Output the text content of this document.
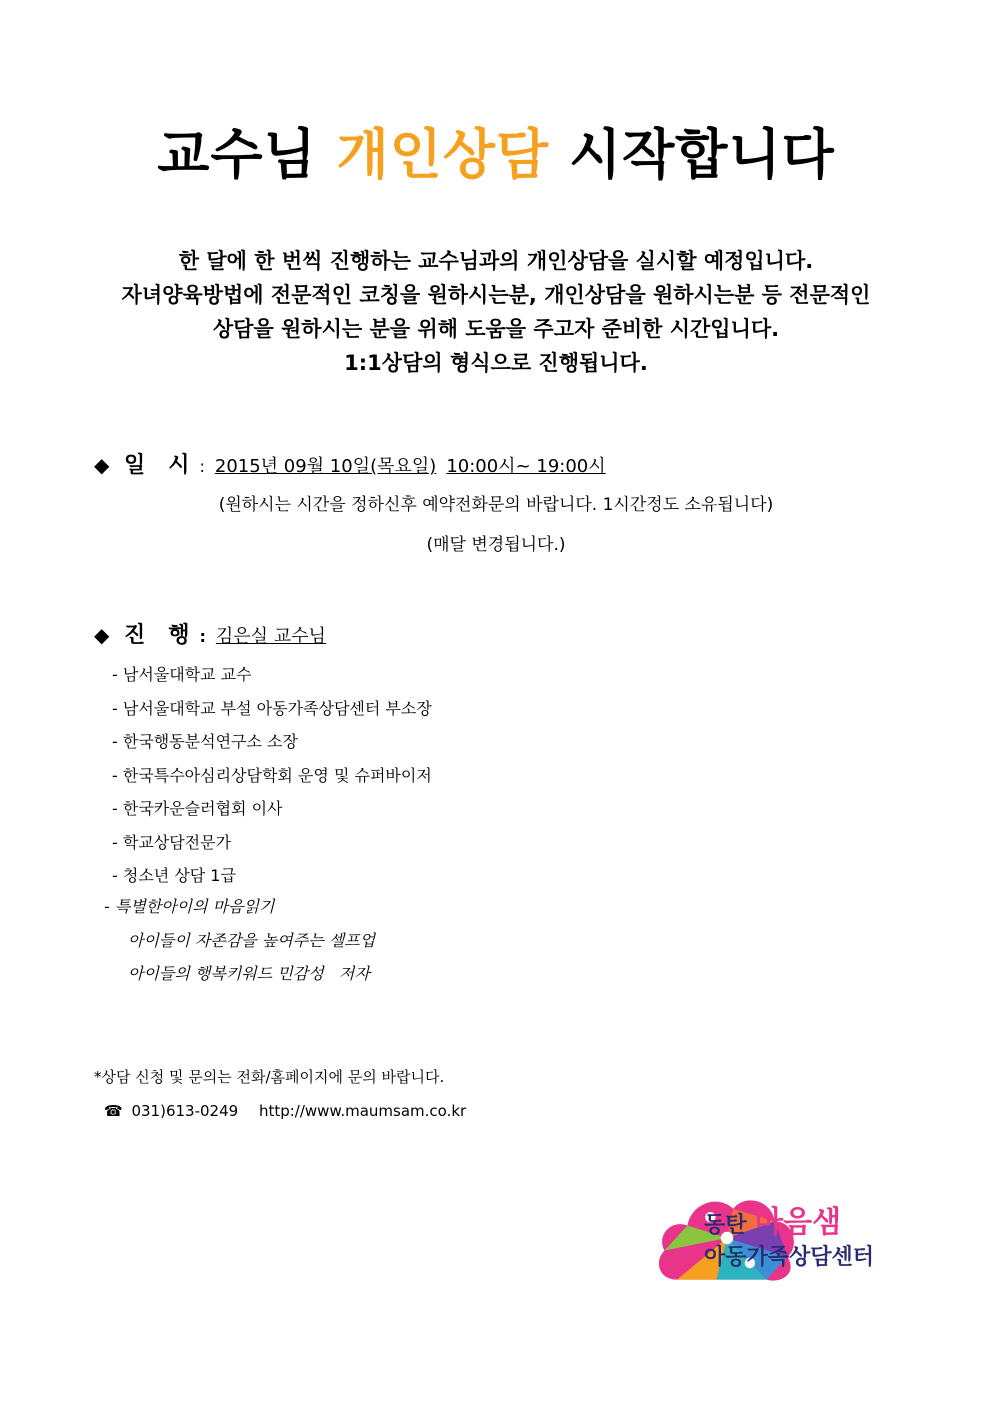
교수님 개인상담 시작합니다
한 달에 한 번씩 진행하는 교수님과의 개인상담을 실시할 예정입니다.
자녀양육방법에 전문적인 코칭을 원하시는분, 개인상담을 원하시는분 등 전문적인
상담을 원하시는 분을 위해 도움을 주고자 준비한 시간입니다.
1:1상담의 형식으로 진행됩니다.
◆ 일   시 : 2015년 09월 10일(목요일) 10:00시~ 19:00시
(원하시는 시간을 정하신후 예약전화문의 바랍니다. 1시간정도 소유됩니다)
(매달 변경됩니다.)
◆ 진   행 : 김은실 교수님
- 남서울대학교 교수
- 남서울대학교 부설 아동가족상담센터 부소장
- 한국행동분석연구소 소장
- 한국특수아심리상담학회 운영 및 슈퍼바이저
- 한국카운슬러협회 이사
- 학교상담전문가
- 청소년 상담 1급
- 특별한아이의 마음읽기
아이들이 자존감을 높여주는 셀프업
아이들의 행복키워드 민감성   저자
*상담 신청 및 문의는 전화/홈페이지에 문의 바랍니다.
☎ 031)613-0249 http://www.maumsam.co.kr
동탄 마음샘
아동가족상담센터
